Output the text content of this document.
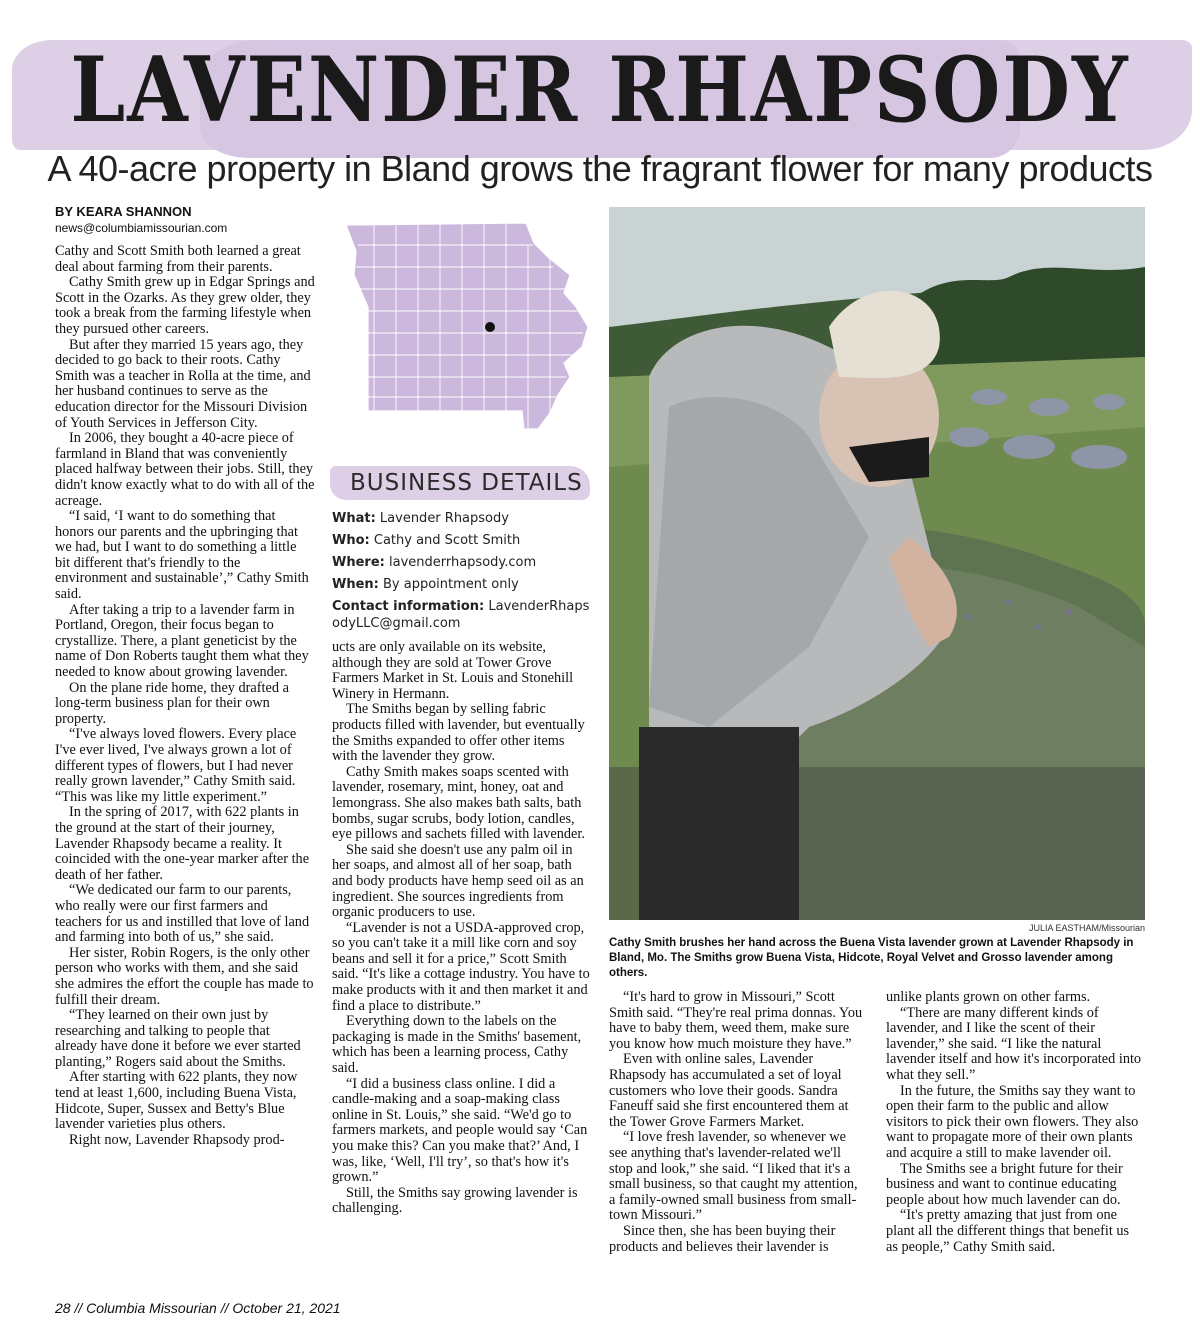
LAVENDER RHAPSODY
A 40-acre property in Bland grows the fragrant flower for many products
BY KEARA SHANNON
news@columbiamissourian.com

Cathy and Scott Smith both learned a great deal about farming from their parents.

Cathy Smith grew up in Edgar Springs and Scott in the Ozarks. As they grew older, they took a break from the farming lifestyle when they pursued other careers.

But after they married 15 years ago, they decided to go back to their roots. Cathy Smith was a teacher in Rolla at the time, and her husband continues to serve as the education director for the Missouri Division of Youth Services in Jefferson City.

In 2006, they bought a 40-acre piece of farmland in Bland that was conveniently placed halfway between their jobs. Still, they didn't know exactly what to do with all of the acreage.

“I said, ‘I want to do something that honors our parents and the upbringing that we had, but I want to do something a little bit different that's friendly to the environment and sustainable’,” Cathy Smith said.

After taking a trip to a lavender farm in Portland, Oregon, their focus began to crystallize. There, a plant geneticist by the name of Don Roberts taught them what they needed to know about growing lavender.

On the plane ride home, they drafted a long-term business plan for their own property.

“I've always loved flowers. Every place I've ever lived, I've always grown a lot of different types of flowers, but I had never really grown lavender,” Cathy Smith said. “This was like my little experiment.”

In the spring of 2017, with 622 plants in the ground at the start of their journey, Lavender Rhapsody became a reality. It coincided with the one-year marker after the death of her father.

“We dedicated our farm to our parents, who really were our first farmers and teachers for us and instilled that love of land and farming into both of us,” she said.

Her sister, Robin Rogers, is the only other person who works with them, and she said she admires the effort the couple has made to fulfill their dream.

“They learned on their own just by researching and talking to people that already have done it before we ever started planting,” Rogers said about the Smiths.

After starting with 622 plants, they now tend at least 1,600, including Buena Vista, Hidcote, Super, Sussex and Betty's Blue lavender varieties plus others.

Right now, Lavender Rhapsody prod-

BUSINESS DETAILS
What: Lavender Rhapsody
Who: Cathy and Scott Smith
Where: lavenderrhapsody.com
When: By appointment only
Contact information: LavenderRhapsodyLLC@gmail.com

ucts are only available on its website, although they are sold at Tower Grove Farmers Market in St. Louis and Stonehill Winery in Hermann.

The Smiths began by selling fabric products filled with lavender, but eventually the Smiths expanded to offer other items with the lavender they grow.

Cathy Smith makes soaps scented with lavender, rosemary, mint, honey, oat and lemongrass. She also makes bath salts, bath bombs, sugar scrubs, body lotion, candles, eye pillows and sachets filled with lavender.

She said she doesn't use any palm oil in her soaps, and almost all of her soap, bath and body products have hemp seed oil as an ingredient. She sources ingredients from organic producers to use.

“Lavender is not a USDA-approved crop, so you can't take it a mill like corn and soy beans and sell it for a price,” Scott Smith said. “It's like a cottage industry. You have to make products with it and then market it and find a place to distribute.”

Everything down to the labels on the packaging is made in the Smiths' basement, which has been a learning process, Cathy said.

“I did a business class online. I did a candle-making and a soap-making class online in St. Louis,” she said. “We'd go to farmers markets, and people would say ‘Can you make this? Can you make that?’ And, I was, like, ‘Well, I'll try’, so that's how it's grown.”

Still, the Smiths say growing lavender is challenging.

JULIA EASTHAM/Missourian
Cathy Smith brushes her hand across the Buena Vista lavender grown at Lavender Rhapsody in Bland, Mo. The Smiths grow Buena Vista, Hidcote, Royal Velvet and Grosso lavender among others.

“It's hard to grow in Missouri,” Scott Smith said. “They're real prima donnas. You have to baby them, weed them, make sure you know how much moisture they have.”

Even with online sales, Lavender Rhapsody has accumulated a set of loyal customers who love their goods. Sandra Faneuff said she first encountered them at the Tower Grove Farmers Market.

“I love fresh lavender, so whenever we see anything that's lavender-related we'll stop and look,” she said. “I liked that it's a small business, so that caught my attention, a family-owned small business from small-town Missouri.”

Since then, she has been buying their products and believes their lavender is

unlike plants grown on other farms.

“There are many different kinds of lavender, and I like the scent of their lavender,” she said. “I like the natural lavender itself and how it's incorporated into what they sell.”

In the future, the Smiths say they want to open their farm to the public and allow visitors to pick their own flowers. They also want to propagate more of their own plants and acquire a still to make lavender oil.

The Smiths see a bright future for their business and want to continue educating people about how much lavender can do.

“It's pretty amazing that just from one plant all the different things that benefit us as people,” Cathy Smith said.

28 // Columbia Missourian // October 21, 2021
